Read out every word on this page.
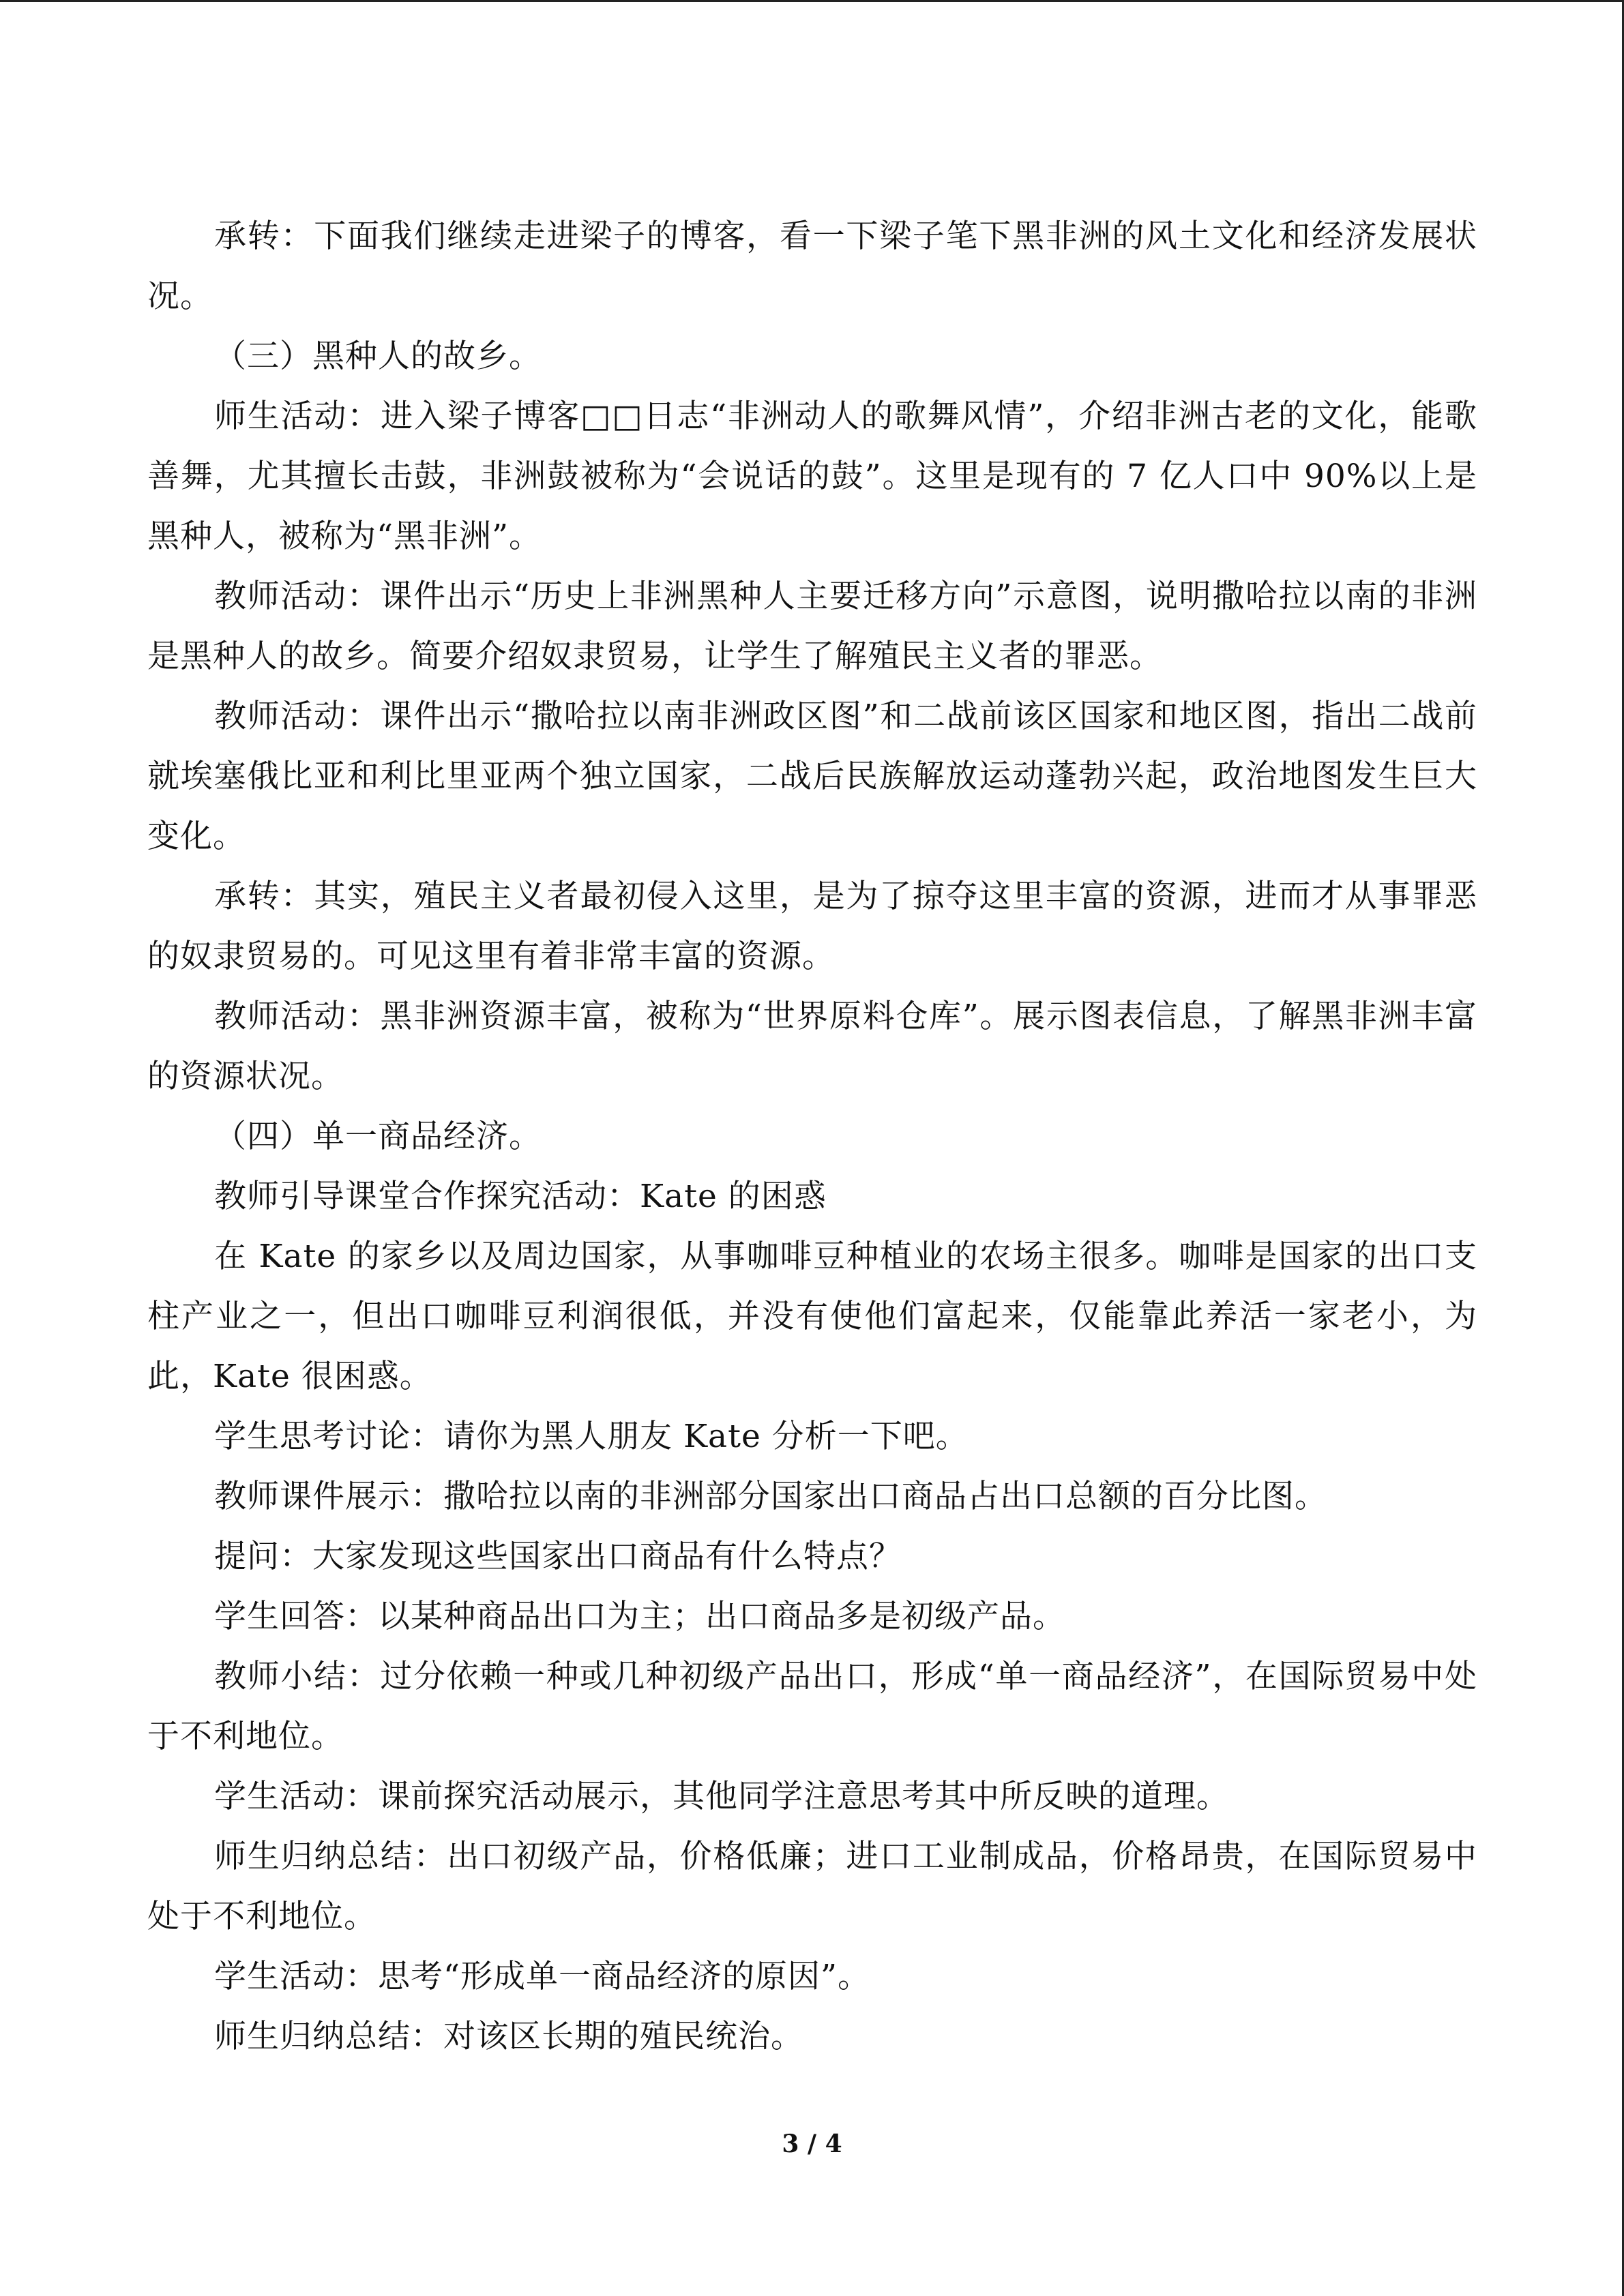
承转：下面我们继续走进梁子的博客，看一下梁子笔下黑非洲的风土文化和经济发展状况。

（三）黑种人的故乡。

师生活动：进入梁子博客□□日志“非洲动人的歌舞风情”，介绍非洲古老的文化，能歌善舞，尤其擅长击鼓，非洲鼓被称为“会说话的鼓”。这里是现有的 7 亿人口中 90%以上是黑种人，被称为“黑非洲”。

教师活动：课件出示“历史上非洲黑种人主要迁移方向”示意图，说明撒哈拉以南的非洲是黑种人的故乡。简要介绍奴隶贸易，让学生了解殖民主义者的罪恶。

教师活动：课件出示“撒哈拉以南非洲政区图”和二战前该区国家和地区图，指出二战前就埃塞俄比亚和利比里亚两个独立国家，二战后民族解放运动蓬勃兴起，政治地图发生巨大变化。

承转：其实，殖民主义者最初侵入这里，是为了掠夺这里丰富的资源，进而才从事罪恶的奴隶贸易的。可见这里有着非常丰富的资源。

教师活动：黑非洲资源丰富，被称为“世界原料仓库”。展示图表信息，了解黑非洲丰富的资源状况。

（四）单一商品经济。

教师引导课堂合作探究活动：Kate 的困惑

在 Kate 的家乡以及周边国家，从事咖啡豆种植业的农场主很多。咖啡是国家的出口支柱产业之一，但出口咖啡豆利润很低，并没有使他们富起来，仅能靠此养活一家老小，为此，Kate 很困惑。

学生思考讨论：请你为黑人朋友 Kate 分析一下吧。

教师课件展示：撒哈拉以南的非洲部分国家出口商品占出口总额的百分比图。

提问：大家发现这些国家出口商品有什么特点？

学生回答：以某种商品出口为主；出口商品多是初级产品。

教师小结：过分依赖一种或几种初级产品出口，形成“单一商品经济”，在国际贸易中处于不利地位。

学生活动：课前探究活动展示，其他同学注意思考其中所反映的道理。

师生归纳总结：出口初级产品，价格低廉；进口工业制成品，价格昂贵，在国际贸易中处于不利地位。

学生活动：思考“形成单一商品经济的原因”。

师生归纳总结：对该区长期的殖民统治。

3 / 4
